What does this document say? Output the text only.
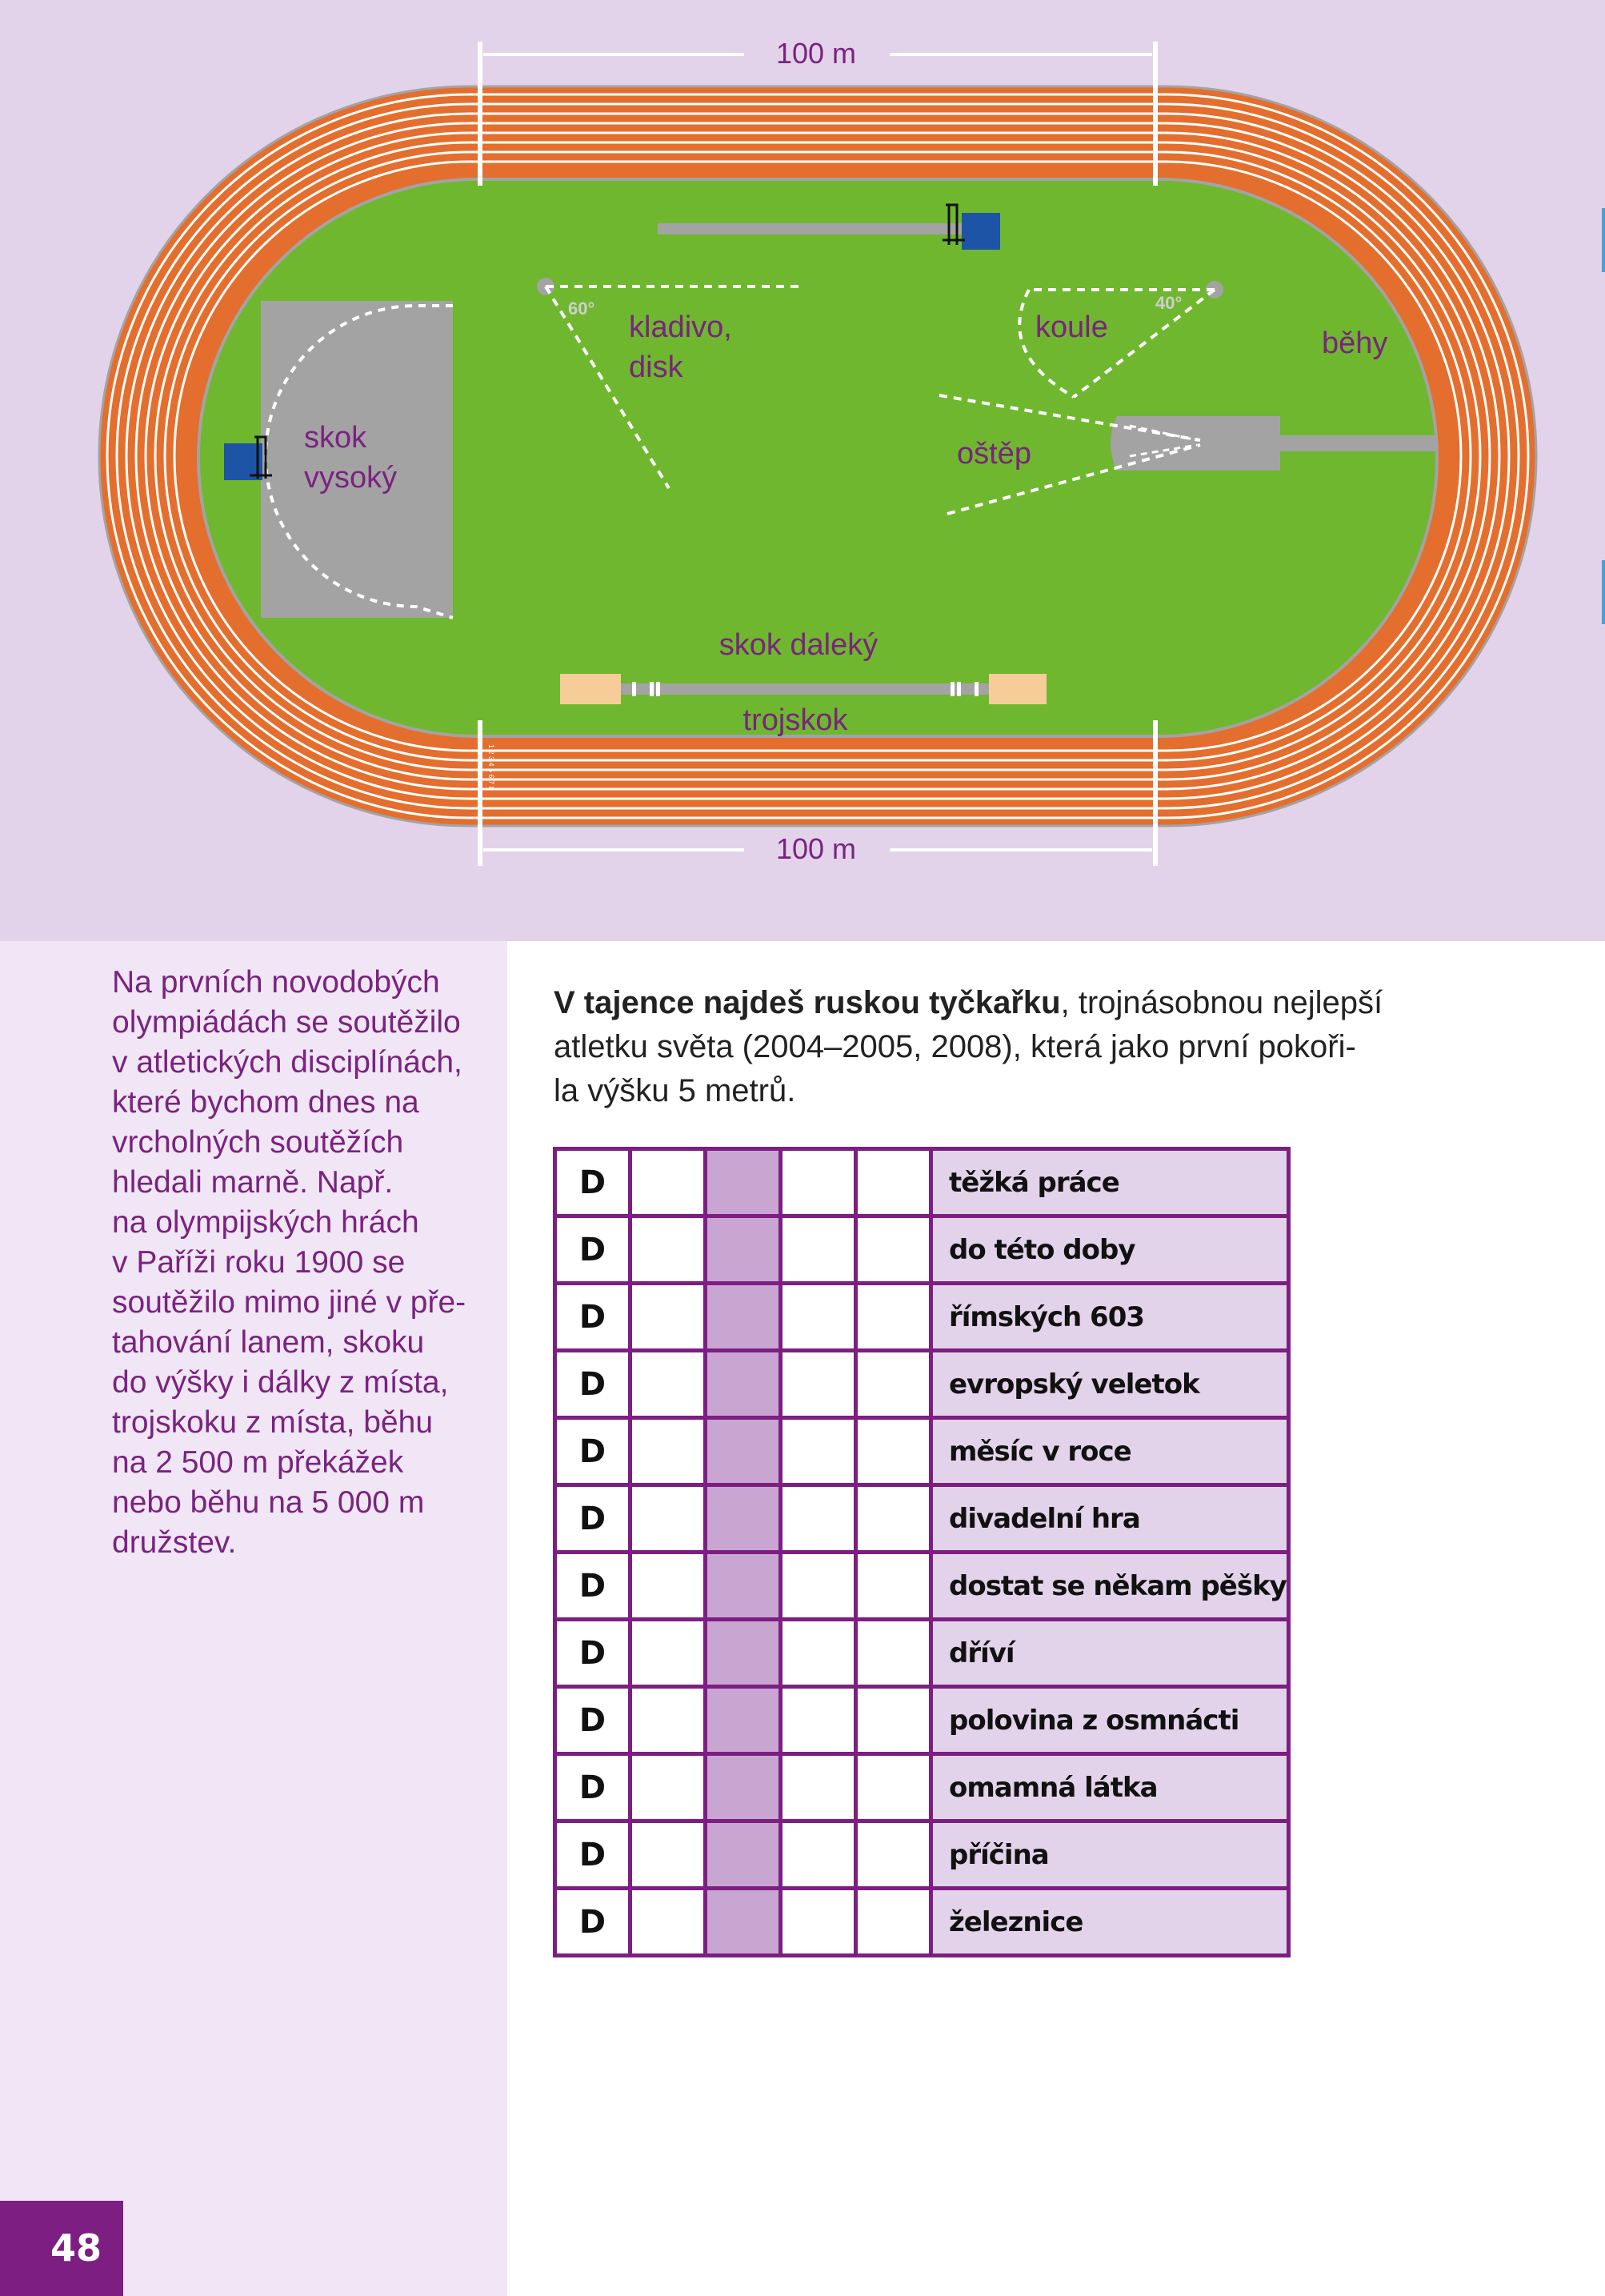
100 m
100 m
1 2 3 4 5 6 7 8
skok
vysoký
60°
kladivo,
disk
40°
koule
oštěp
běhy
skok daleký
trojskok
Na prvních novodobých
olympiádách se soutěžilo
v atletických disciplínách,
které bychom dnes na
vrcholných soutěžích
hledali marně. Např.
na olympijských hrách
v Paříži roku 1900 se
soutěžilo mimo jiné v pře-
tahování lanem, skoku
do výšky i dálky z místa,
trojskoku z místa, běhu
na 2 500 m překážek
nebo běhu na 5 000 m
družstev.
48
V tajence najdeš ruskou tyčkařku, trojnásobnou nejlepší
atletku světa (2004–2005, 2008), která jako první pokoři-
la výšku 5 metrů.
D					těžká práce
D					do této doby
D					římských 603
D					evropský veletok
D					měsíc v roce
D					divadelní hra
D					dostat se někam pěšky
D					dříví
D					polovina z osmnácti
D					omamná látka
D					příčina
D					železnice
